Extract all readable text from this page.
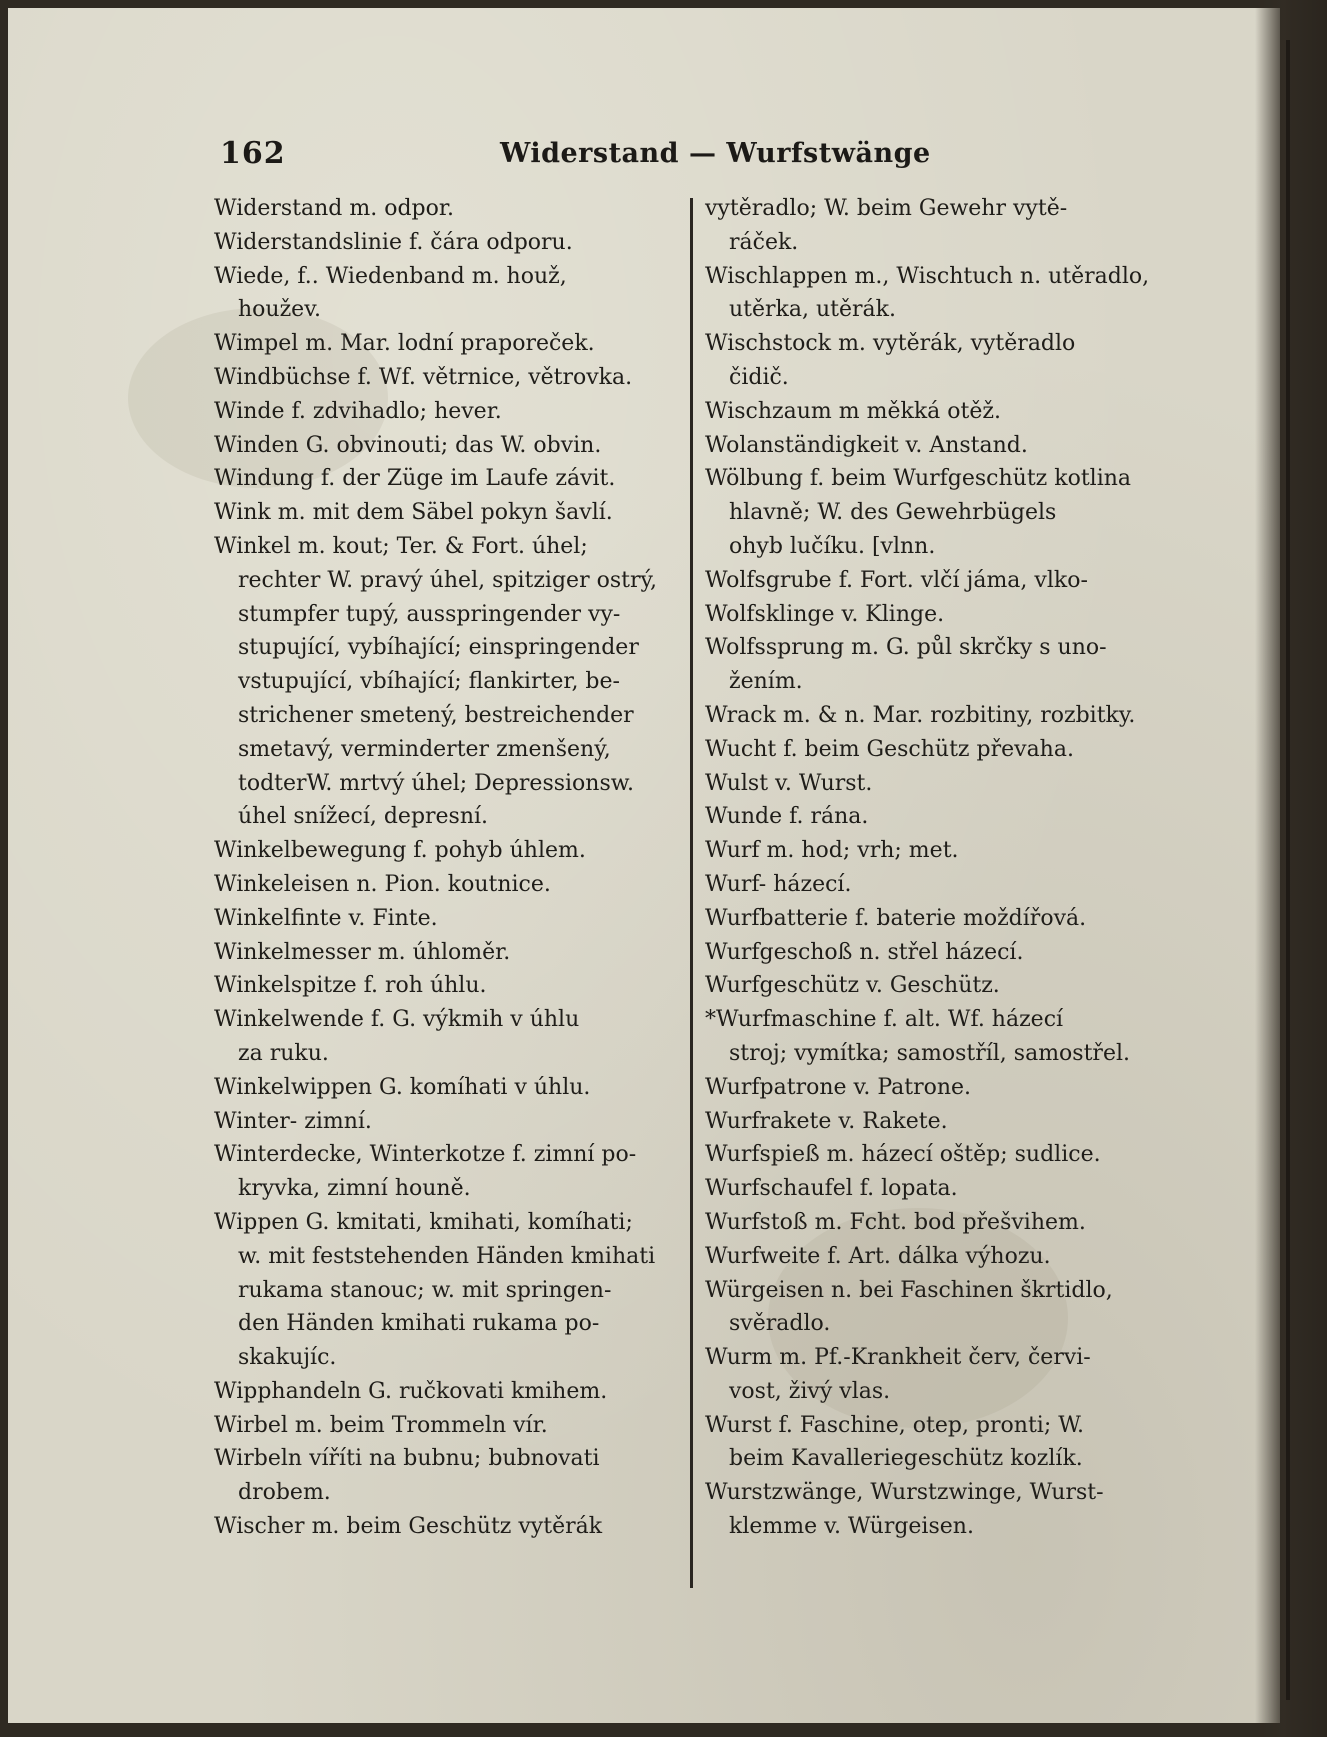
162	Widerstand — Wurfstwänge
Widerstand m. odpor.
Widerstandslinie f. čára odporu.
Wiede, f.. Wiedenband m. houž,
houžev.
Wimpel m. Mar. lodní praporeček.
Windbüchse f. Wf. větrnice, větrovka.
Winde f. zdvihadlo; hever.
Winden G. obvinouti; das W. obvin.
Windung f. der Züge im Laufe závit.
Wink m. mit dem Säbel pokyn šavlí.
Winkel m. kout; Ter. & Fort. úhel;
rechter W. pravý úhel, spitziger ostrý,
stumpfer tupý, ausspringender vy-
stupující, vybíhající; einspringender
vstupující, vbíhající; flankirter, be-
strichener smetený, bestreichender
smetavý, verminderter zmenšený,
todterW. mrtvý úhel; Depressionsw.
úhel snížecí, depresní.
Winkelbewegung f. pohyb úhlem.
Winkeleisen n. Pion. koutnice.
Winkelfinte v. Finte.
Winkelmesser m. úhloměr.
Winkelspitze f. roh úhlu.
Winkelwende f. G. výkmih v úhlu
za ruku.
Winkelwippen G. komíhati v úhlu.
Winter- zimní.
Winterdecke, Winterkotze f. zimní po-
kryvka, zimní houně.
Wippen G. kmitati, kmihati, komíhati;
w. mit feststehenden Händen kmihati
rukama stanouc; w. mit springen-
den Händen kmihati rukama po-
skakujíc.
Wipphandeln G. ručkovati kmihem.
Wirbel m. beim Trommeln vír.
Wirbeln víříti na bubnu; bubnovati
drobem.
Wischer m. beim Geschütz vytěrák
vytěradlo; W. beim Gewehr vytě-
ráček.
Wischlappen m., Wischtuch n. utěradlo,
utěrka, utěrák.
Wischstock m. vytěrák, vytěradlo
čidič.
Wischzaum m měkká otěž.
Wolanständigkeit v. Anstand.
Wölbung f. beim Wurfgeschütz kotlina
hlavně; W. des Gewehrbügels
ohyb lučíku. [vlnn.
Wolfsgrube f. Fort. vlčí jáma, vlko-
Wolfsklinge v. Klinge.
Wolfssprung m. G. půl skrčky s uno-
žením.
Wrack m. & n. Mar. rozbitiny, rozbitky.
Wucht f. beim Geschütz převaha.
Wulst v. Wurst.
Wunde f. rána.
Wurf m. hod; vrh; met.
Wurf- házecí.
Wurfbatterie f. baterie moždířová.
Wurfgeschoß n. střel házecí.
Wurfgeschütz v. Geschütz.
*Wurfmaschine f. alt. Wf. házecí
stroj; vymítka; samostříl, samostřel.
Wurfpatrone v. Patrone.
Wurfrakete v. Rakete.
Wurfspieß m. házecí oštěp; sudlice.
Wurfschaufel f. lopata.
Wurfstoß m. Fcht. bod přešvihem.
Wurfweite f. Art. dálka výhozu.
Würgeisen n. bei Faschinen škrtidlo,
svěradlo.
Wurm m. Pf.-Krankheit červ, červi-
vost, živý vlas.
Wurst f. Faschine, otep, pronti; W.
beim Kavalleriegeschütz kozlík.
Wurstzwänge, Wurstzwinge, Wurst-
klemme v. Würgeisen.
